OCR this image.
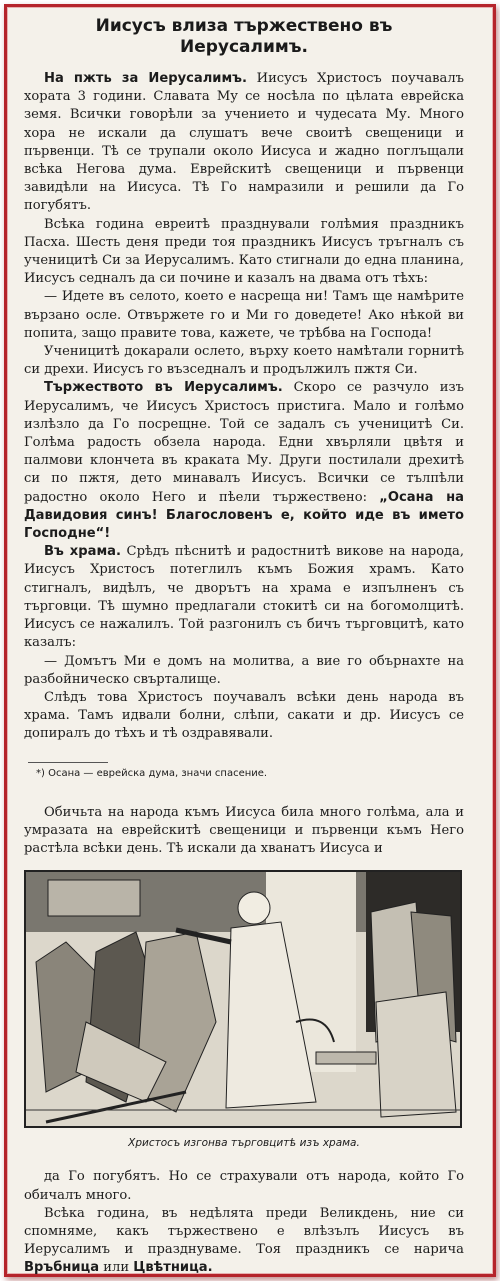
Иисусъ влиза тържествено въ
Иерусалимъ.

На пжть за Иерусалимъ. Иисусъ Христосъ поучавалъ хората 3 години. Славата Му се носѣла по цѣлата еврейска земя. Всички говорѣли за учението и чудесата Му. Много хора не искали да слушатъ вече своитѣ свещеници и първенци. Тѣ се трупали около Иисуса и жадно поглъщали всѣка Негова дума. Еврейскитѣ свещеници и първенци завидѣли на Иисуса. Тѣ Го намразили и решили да Го погубятъ.

Всѣка година евреитѣ празднували голѣмия праздникъ Пасха. Шесть деня преди тоя праздникъ Иисусъ тръгналъ съ ученицитѣ Си за Иерусалимъ. Като стигнали до една планина, Иисусъ седналъ да си почине и казалъ на двама отъ тѣхъ:

— Идете въ селото, което е насреща ни! Тамъ ще намѣрите вързано осле. Отвържете го и Ми го доведете! Ако нѣкой ви попита, защо правите това, кажете, че трѣбва на Господа!

Ученицитѣ докарали ослето, върху което намѣтали горнитѣ си дрехи. Иисусъ го възседналъ и продължилъ пжтя Си.

Тържеството въ Иерусалимъ. Скоро се разчуло изъ Иерусалимъ, че Иисусъ Христосъ пристига. Мало и голѣмо излѣзло да Го посрещне. Той се задалъ съ ученицитѣ Си. Голѣма радость обзела народа. Едни хвърляли цвѣтя и палмови клончета въ краката Му. Други постилали дрехитѣ си по пжтя, дето минавалъ Иисусъ. Всички се тълпѣли радостно около Него и пѣели тържествено: „Осана на Давидовия синъ! Благословенъ е, който иде въ името Господне“!

Въ храма. Срѣдъ пѣснитѣ и радостнитѣ викове на народа, Иисусъ Христосъ потеглилъ къмъ Божия храмъ. Като стигналъ, видѣлъ, че дворътъ на храма е изпълненъ съ търговци. Тѣ шумно предлагали стокитѣ си на богомолцитѣ. Иисусъ се нажалилъ. Той разгонилъ съ бичъ търговцитѣ, като казалъ:

— Домътъ Ми е домъ на молитва, а вие го обърнахте на разбойническо свърталище.

Слѣдъ това Христосъ поучавалъ всѣки день народа въ храма. Тамъ идвали болни, слѣпи, сакати и др. Иисусъ се допиралъ до тѣхъ и тѣ оздравявали.

*) Осана — еврейска дума, значи спасение.

Обичьта на народа къмъ Иисуса била много голѣма, ала и умразата на еврейскитѣ свещеници и първенци къмъ Него растѣла всѣки день. Тѣ искали да хванатъ Иисуса и

Христосъ изгонва търговцитѣ изъ храма.

да Го погубятъ. Но се страхували отъ народа, който Го обичалъ много.

Всѣка година, въ недѣлята преди Великдень, ние си спомняме, какъ тържествено е влѣзълъ Иисусъ въ Иерусалимъ и празднуваме. Тоя праздникъ се нарича Връбница или Цвѣтница.
